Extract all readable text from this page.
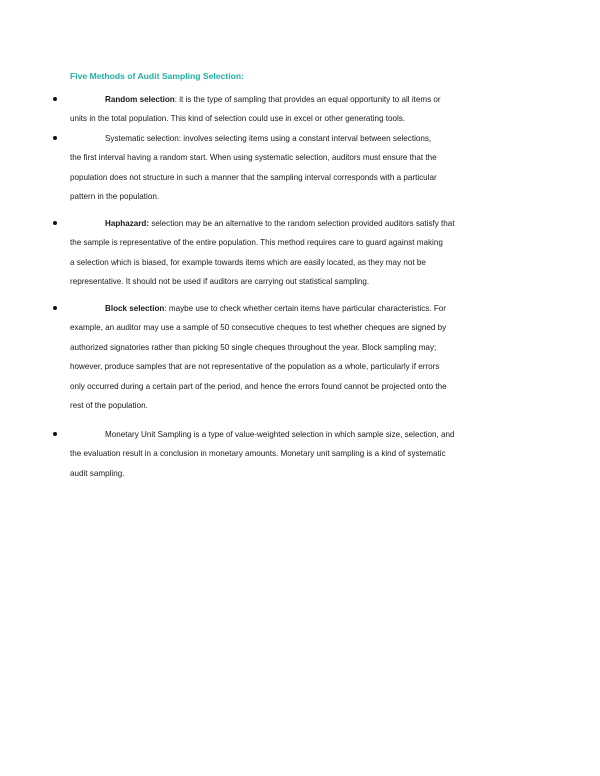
Five Methods of Audit Sampling Selection:
Random selection: it is the type of sampling that provides an equal opportunity to all items or
units in the total population. This kind of selection could use in excel or other generating tools.
Systematic selection: involves selecting items using a constant interval between selections,
the first interval having a random start. When using systematic selection, auditors must ensure that the
population does not structure in such a manner that the sampling interval corresponds with a particular
pattern in the population.
Haphazard: selection may be an alternative to the random selection provided auditors satisfy that
the sample is representative of the entire population. This method requires care to guard against making
a selection which is biased, for example towards items which are easily located, as they may not be
representative. It should not be used if auditors are carrying out statistical sampling.
Block selection: maybe use to check whether certain items have particular characteristics. For
example, an auditor may use a sample of 50 consecutive cheques to test whether cheques are signed by
authorized signatories rather than picking 50 single cheques throughout the year. Block sampling may;
however, produce samples that are not representative of the population as a whole, particularly if errors
only occurred during a certain part of the period, and hence the errors found cannot be projected onto the
rest of the population.
Monetary Unit Sampling is a type of value-weighted selection in which sample size, selection, and
the evaluation result in a conclusion in monetary amounts. Monetary unit sampling is a kind of systematic
audit sampling.
